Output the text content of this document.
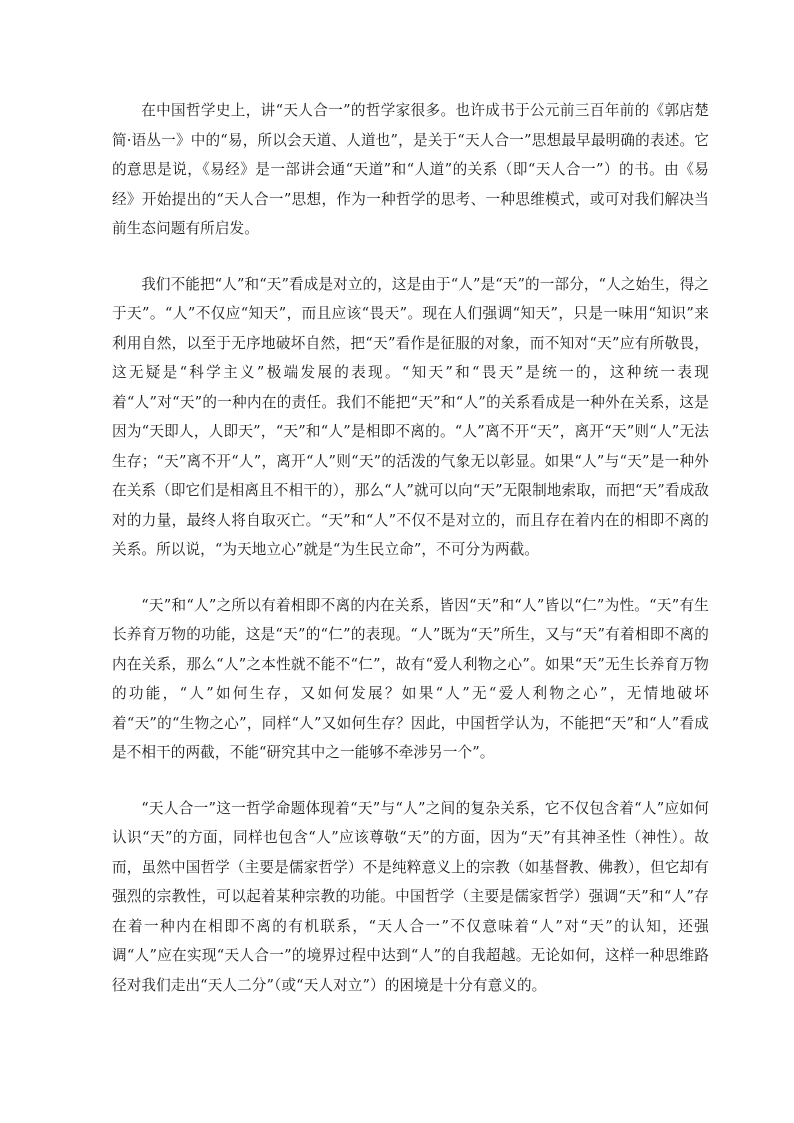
在中国哲学史上，讲“天人合一”的哲学家很多。也许成书于公元前三百年前的《郭店楚简·语丛一》中的“易，所以会天道、人道也”，是关于“天人合一”思想最早最明确的表述。它的意思是说，《易经》是一部讲会通“天道”和“人道”的关系（即“天人合一”）的书。由《易经》开始提出的“天人合一”思想，作为一种哲学的思考、一种思维模式，或可对我们解决当前生态问题有所启发。

我们不能把“人”和“天”看成是对立的，这是由于“人”是“天”的一部分，“人之始生，得之于天”。“人”不仅应“知天”，而且应该“畏天”。现在人们强调“知天”，只是一味用“知识”来利用自然，以至于无序地破坏自然，把“天”看作是征服的对象，而不知对“天”应有所敬畏，这无疑是“科学主义”极端发展的表现。“知天”和“畏天”是统一的，这种统一表现着“人”对“天”的一种内在的责任。我们不能把“天”和“人”的关系看成是一种外在关系，这是因为“天即人，人即天”，“天”和“人”是相即不离的。“人”离不开“天”，离开“天”则“人”无法生存；“天”离不开“人”，离开“人”则“天”的活泼的气象无以彰显。如果“人”与“天”是一种外在关系（即它们是相离且不相干的），那么“人”就可以向“天”无限制地索取，而把“天”看成敌对的力量，最终人将自取灭亡。“天”和“人”不仅不是对立的，而且存在着内在的相即不离的关系。所以说，“为天地立心”就是“为生民立命”，不可分为两截。

“天”和“人”之所以有着相即不离的内在关系，皆因“天”和“人”皆以“仁”为性。“天”有生长养育万物的功能，这是“天”的“仁”的表现。“人”既为“天”所生，又与“天”有着相即不离的内在关系，那么“人”之本性就不能不“仁”，故有“爱人利物之心”。如果“天”无生长养育万物的功能，“人”如何生存，又如何发展？如果“人”无“爱人利物之心”，无情地破坏着“天”的“生物之心”，同样“人”又如何生存？因此，中国哲学认为，不能把“天”和“人”看成是不相干的两截，不能“研究其中之一能够不牵涉另一个”。

“天人合一”这一哲学命题体现着“天”与“人”之间的复杂关系，它不仅包含着“人”应如何认识“天”的方面，同样也包含“人”应该尊敬“天”的方面，因为“天”有其神圣性（神性）。故而，虽然中国哲学（主要是儒家哲学）不是纯粹意义上的宗教（如基督教、佛教），但它却有强烈的宗教性，可以起着某种宗教的功能。中国哲学（主要是儒家哲学）强调“天”和“人”存在着一种内在相即不离的有机联系，“天人合一”不仅意味着“人”对“天”的认知，还强调“人”应在实现“天人合一”的境界过程中达到“人”的自我超越。无论如何，这样一种思维路径对我们走出“天人二分”（或“天人对立”）的困境是十分有意义的。
